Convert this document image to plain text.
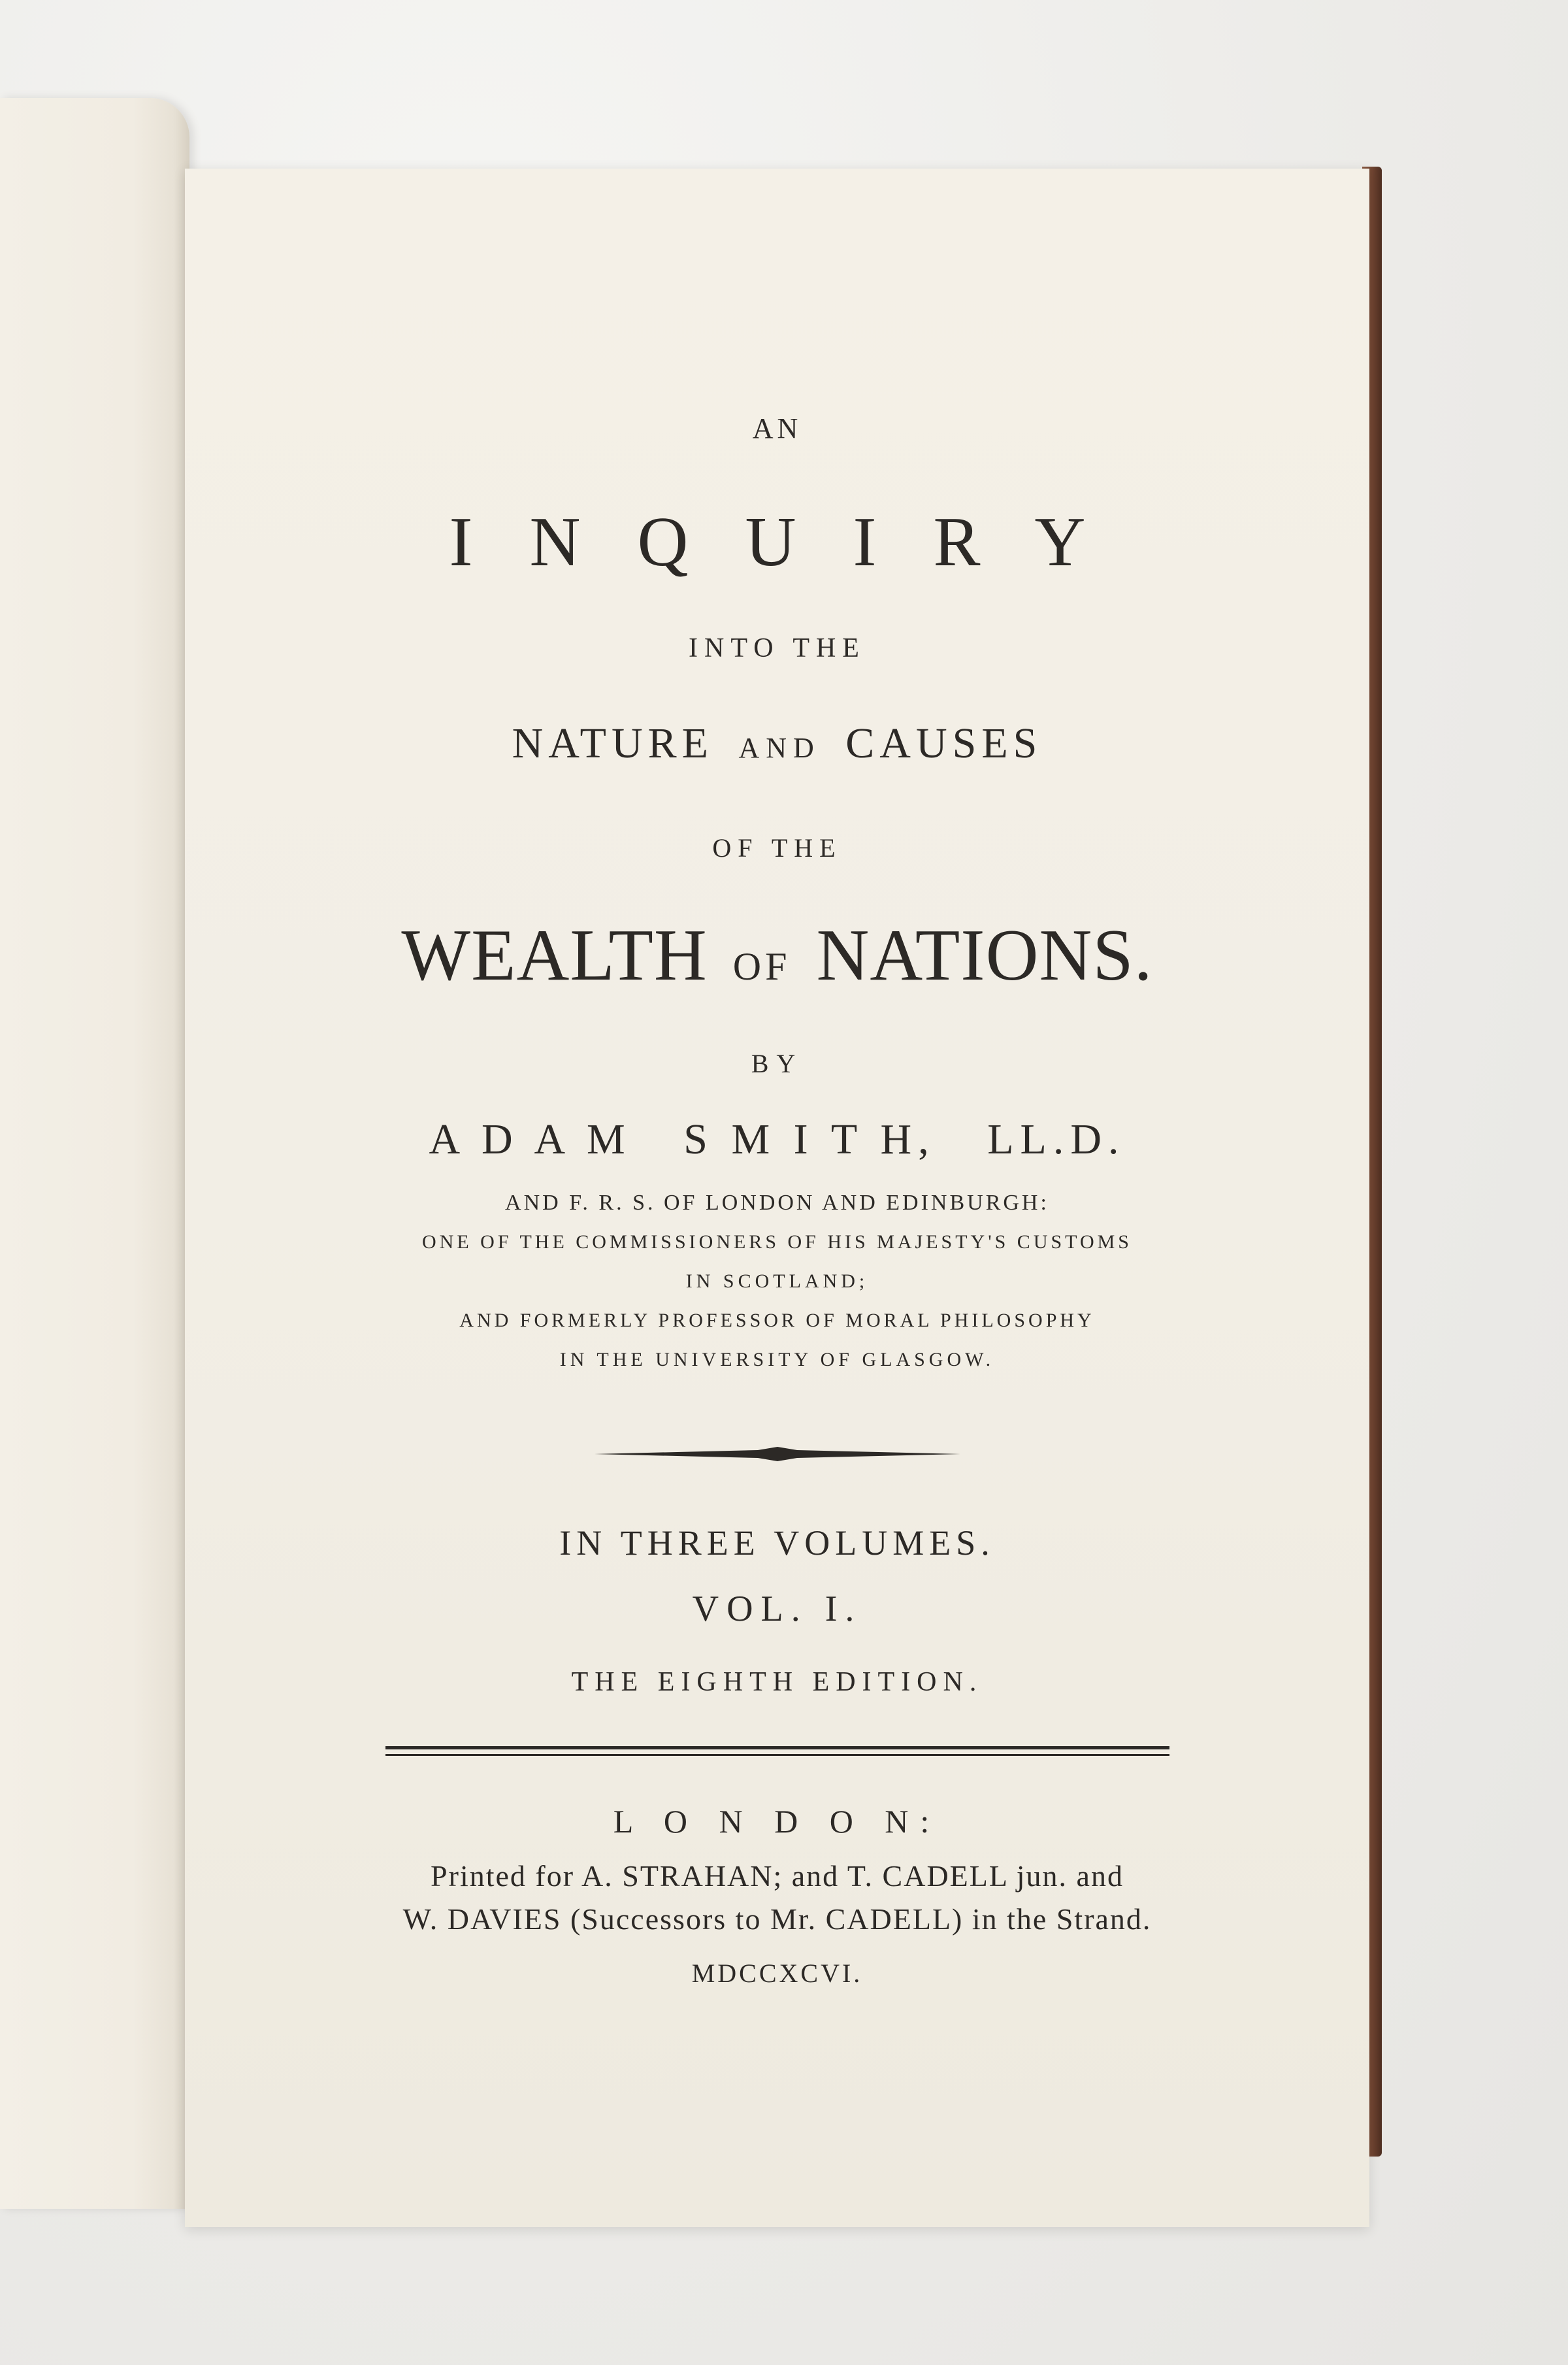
AN
I N Q U I R Y
INTO THE
NATURE AND CAUSES
OF THE
WEALTH OF NATIONS.
BY
A D A M   S M I T H,   LL.D.
AND F. R. S. OF LONDON AND EDINBURGH:
ONE OF THE COMMISSIONERS OF HIS MAJESTY'S CUSTOMS
IN SCOTLAND;
AND FORMERLY PROFESSOR OF MORAL PHILOSOPHY
IN THE UNIVERSITY OF GLASGOW.
IN THREE VOLUMES.
VOL. I.
THE EIGHTH EDITION.
L O N D O N:
Printed for A. STRAHAN; and T. CADELL jun. and
W. DAVIES (Successors to Mr. CADELL) in the Strand.
MDCCXCVI.
